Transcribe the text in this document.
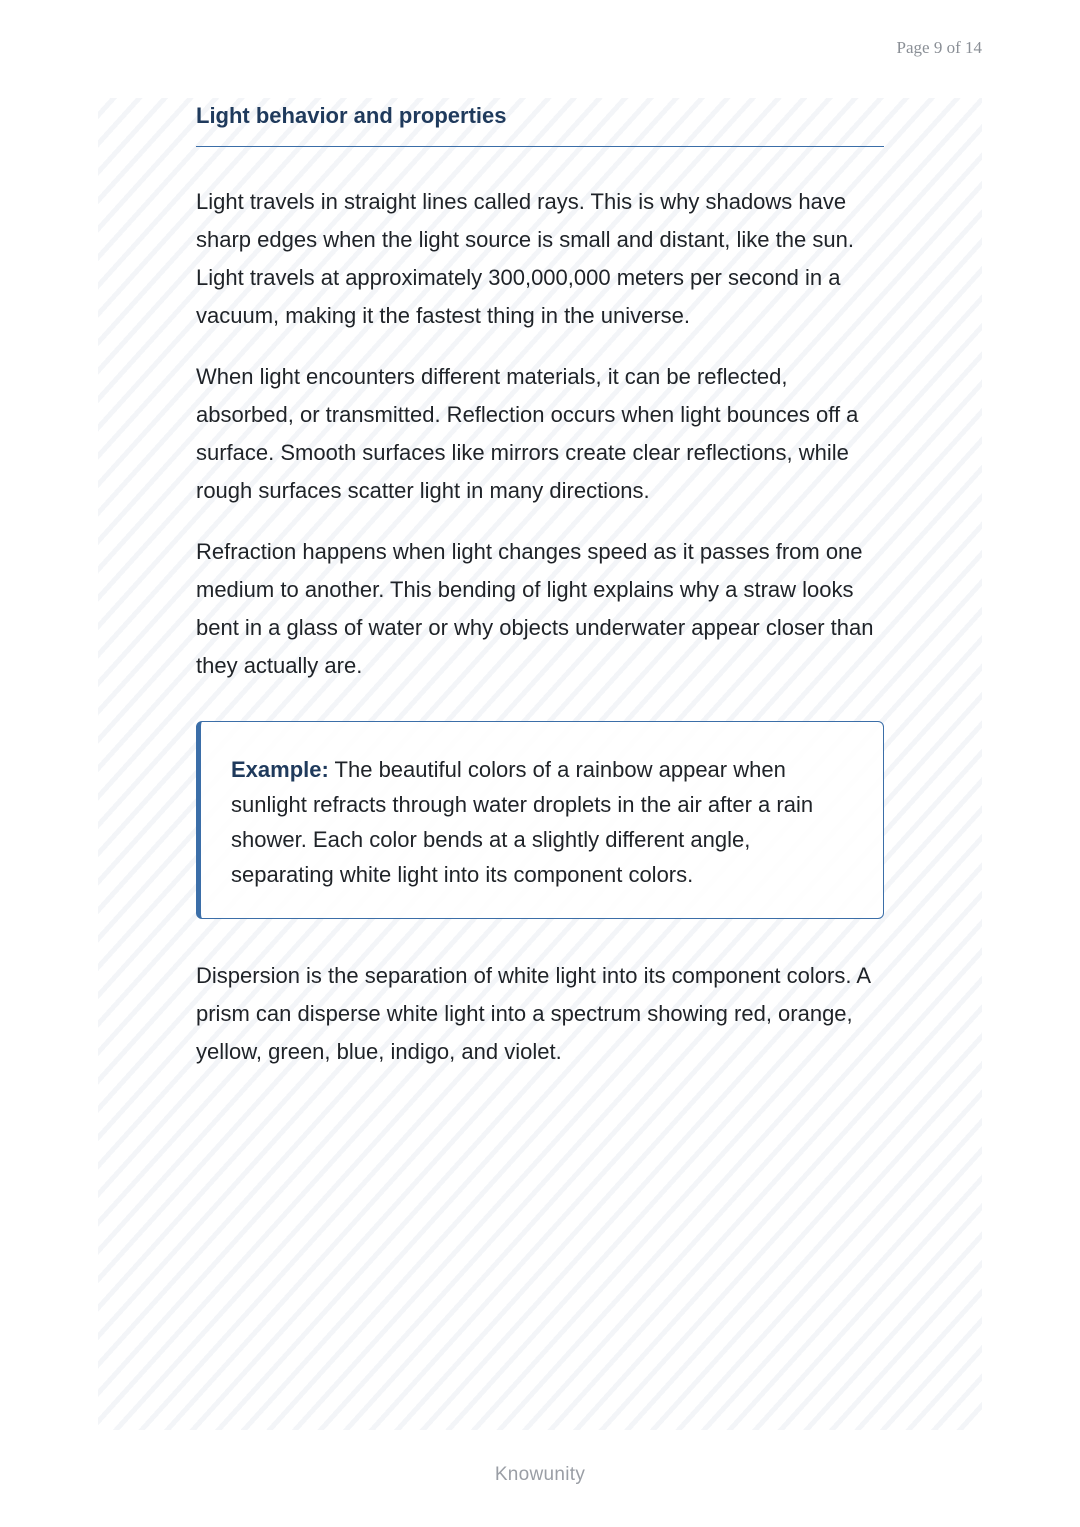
Page 9 of 14
Light behavior and properties

Light travels in straight lines called rays. This is why shadows have sharp edges when the light source is small and distant, like the sun. Light travels at approximately 300,000,000 meters per second in a vacuum, making it the fastest thing in the universe.

When light encounters different materials, it can be reflected, absorbed, or transmitted. Reflection occurs when light bounces off a surface. Smooth surfaces like mirrors create clear reflections, while rough surfaces scatter light in many directions.

Refraction happens when light changes speed as it passes from one medium to another. This bending of light explains why a straw looks bent in a glass of water or why objects underwater appear closer than they actually are.

Example: The beautiful colors of a rainbow appear when sunlight refracts through water droplets in the air after a rain shower. Each color bends at a slightly different angle, separating white light into its component colors.

Dispersion is the separation of white light into its component colors. A prism can disperse white light into a spectrum showing red, orange, yellow, green, blue, indigo, and violet.

Knowunity
